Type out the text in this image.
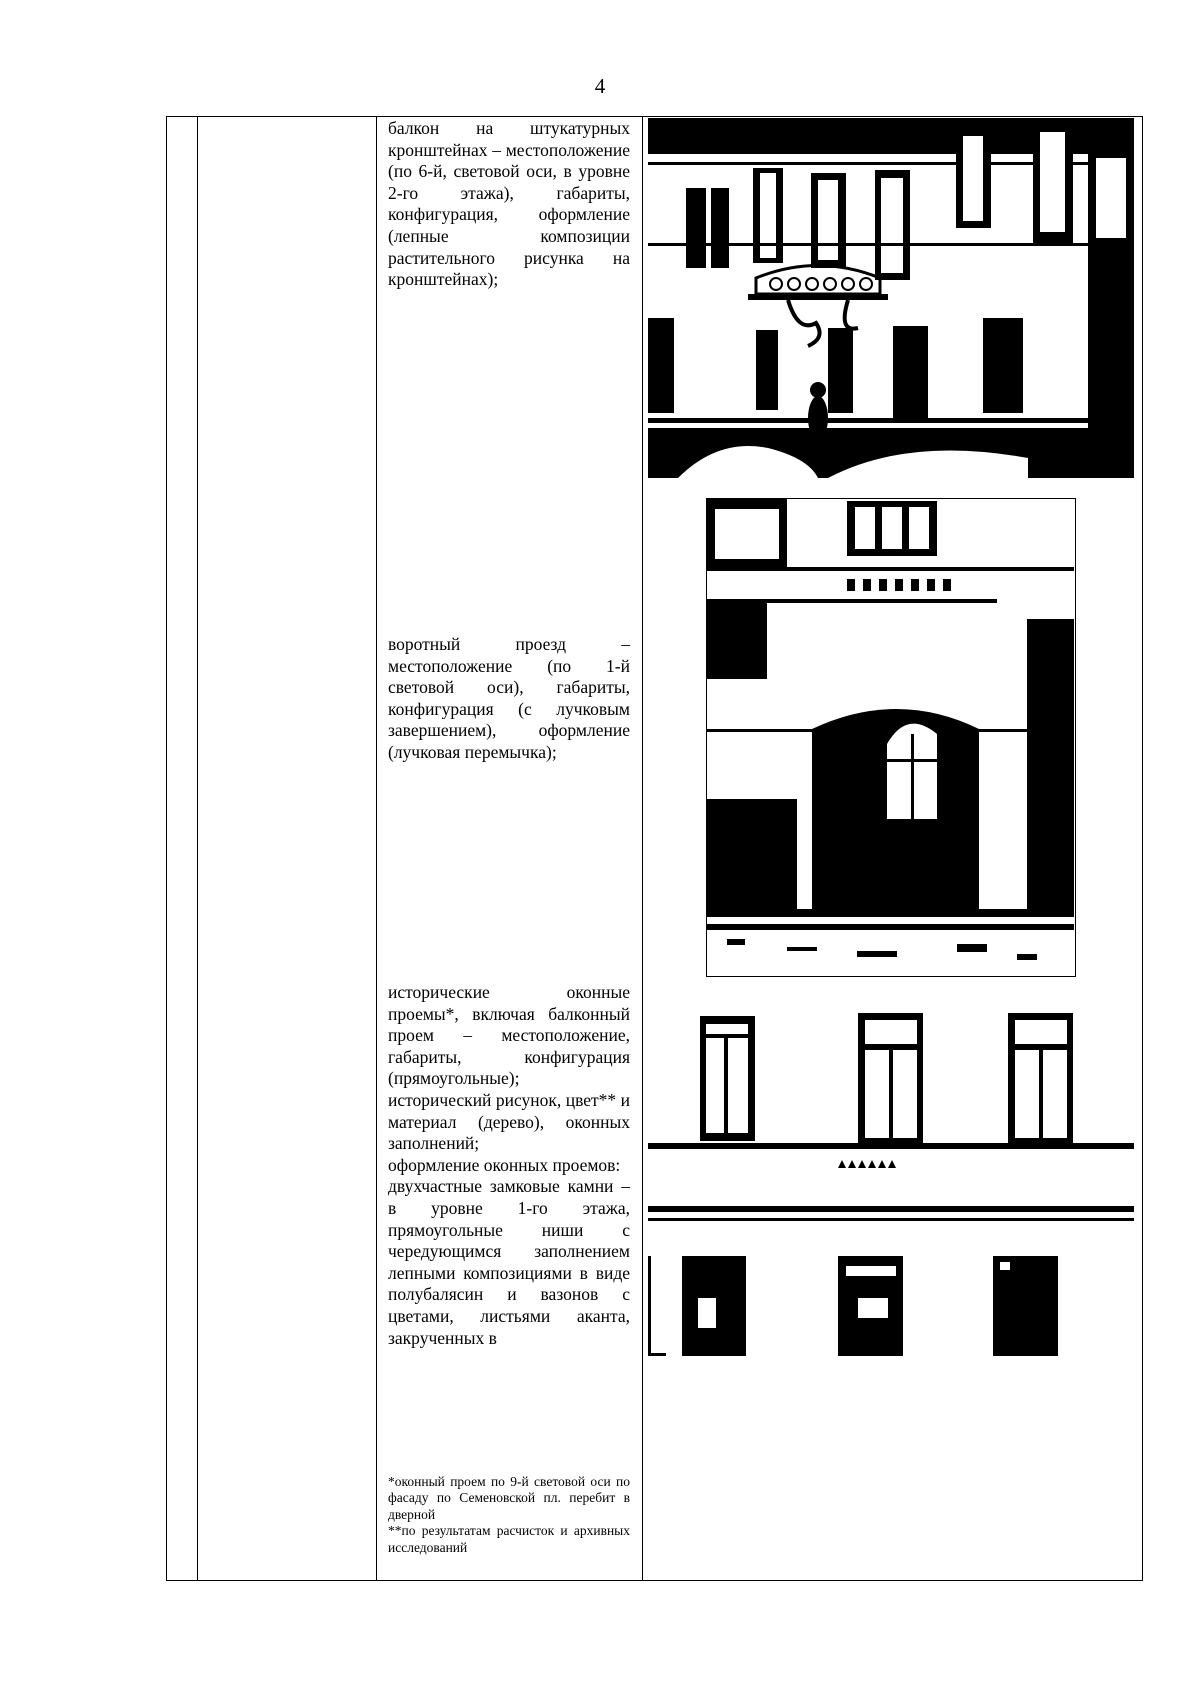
4

балкон на штукатурных кронштейнах – местоположение (по 6-й, световой оси, в уровне 2-го этажа), габариты, конфигурация, оформление (лепные композиции растительного рисунка на кронштейнах);

воротный проезд – местоположение (по 1-й световой оси), габариты, конфигурация (с лучковым завершением), оформление (лучковая перемычка);

исторические оконные проемы*, включая балконный проем – местоположение, габариты, конфигурация (прямоугольные);

исторический рисунок, цвет** и материал (дерево), оконных заполнений;

оформление оконных проемов:

двухчастные замковые камни – в уровне 1-го этажа, прямоугольные ниши с чередующимся заполнением лепными композициями в виде полубалясин и вазонов с цветами, листьями аканта, закрученных в

*оконный проем по 9-й световой оси по фасаду по Семеновской пл. перебит в дверной

**по результатам расчисток и архивных исследований
